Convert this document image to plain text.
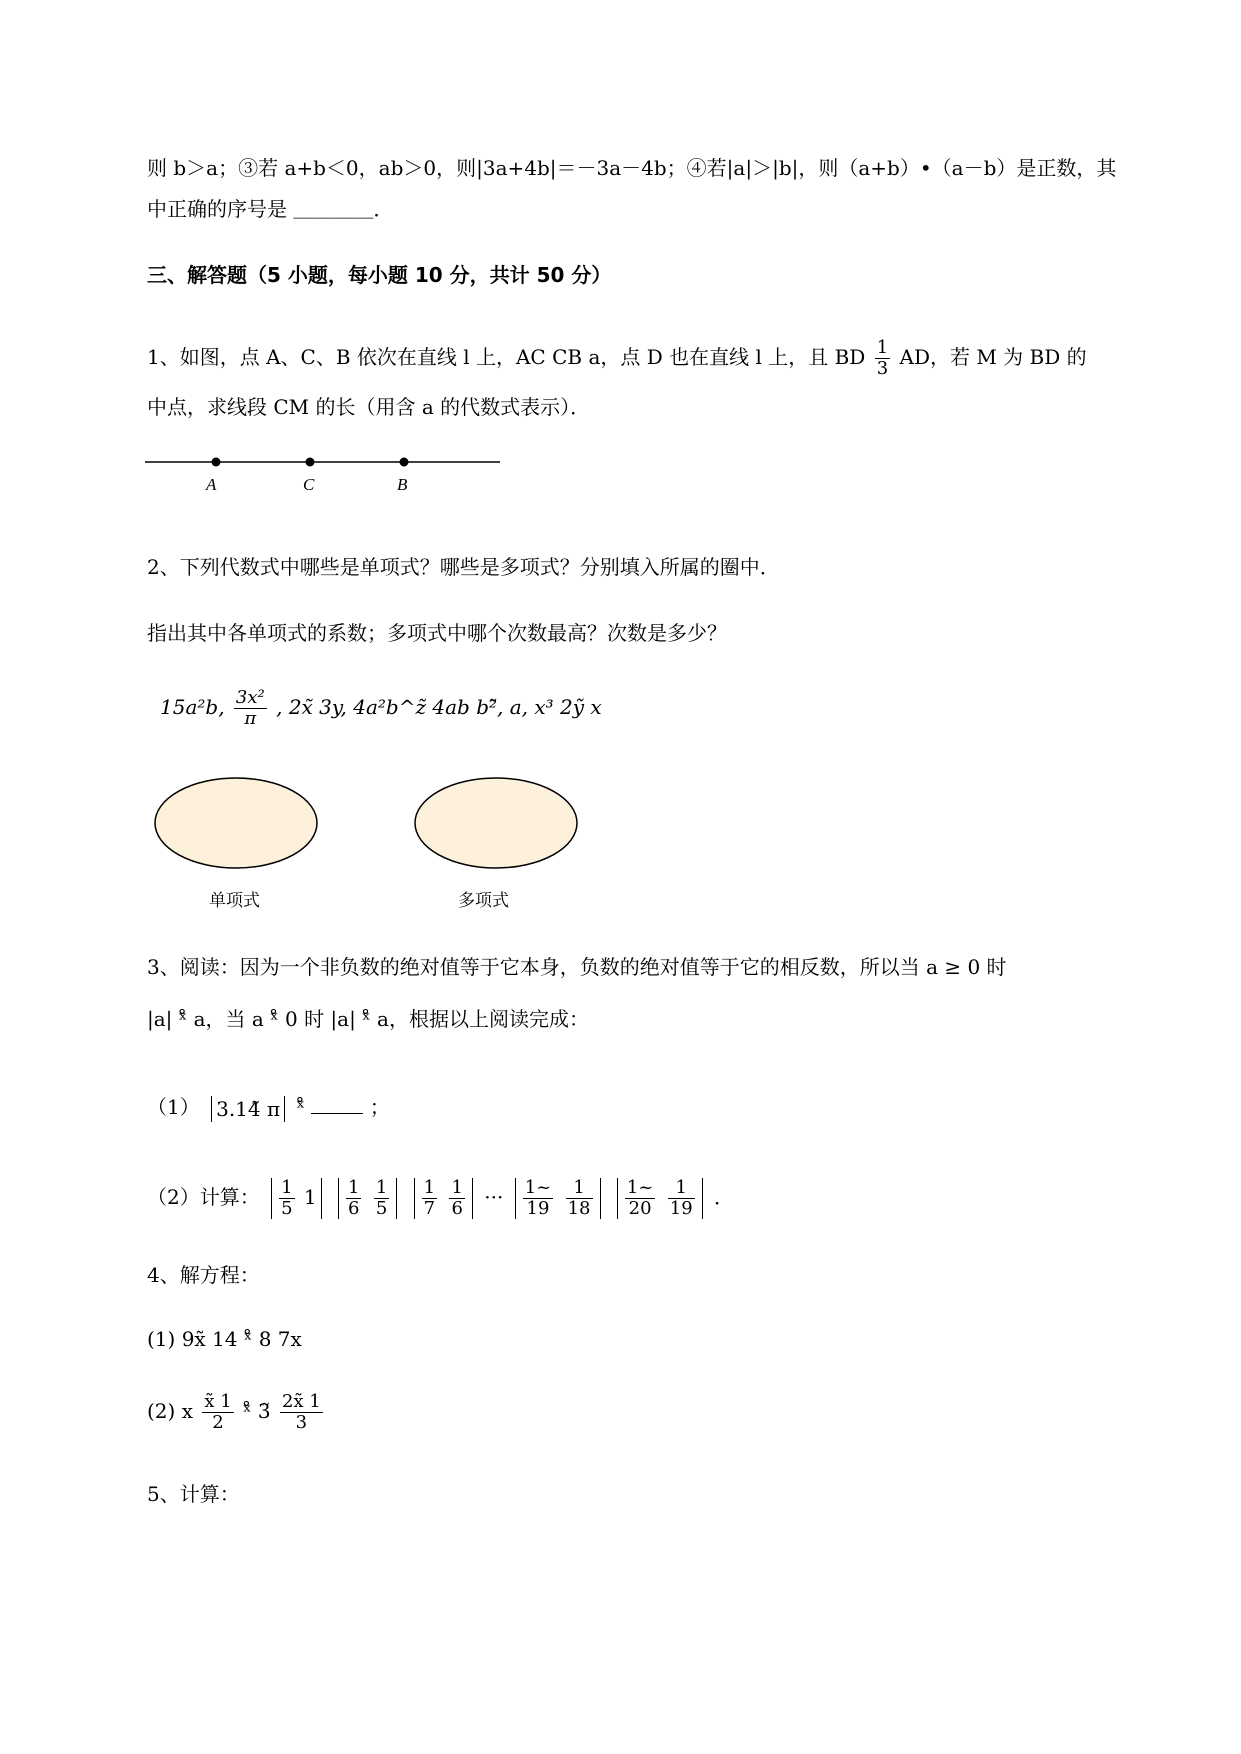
则 b＞a；③若 a+b＜0，ab＞0，则|3a+4b|＝－3a－4b；④若|a|＞|b|，则（a+b）•（a－b）是正数，其
中正确的序号是 ＿＿＿＿．
三、解答题（5 小题，每小题 10 分，共计 50 分）
1、如图，点 A、C、B 依次在直线 l 上，AC CB a，点 D 也在直线 l 上，且 BD $\frac{1}{3}$ AD，若 M 为 BD 的
中点，求线段 CM 的长（用含 a 的代数式表示）．
A	C	B
2、下列代数式中哪些是单项式？哪些是多项式？分别填入所属的圈中．
指出其中各单项式的系数；多项式中哪个次数最高？次数是多少？
15a²b, $\frac{\text{3x²}}{\pi}$ , 2x̃ 3y, 4a²b^z̃ 4ab b²̃, a, x³ 2ỹ x
单项式	多项式
3、阅读：因为一个非负数的绝对值等于它本身，负数的绝对值等于它的相反数，所以当 a ≥ 0 时
|a| ˣ̊ a，当 a ˣ̊ 0 时 |a| ˣ̊ a，根据以上阅读完成：
（1） 3.14̃ π ˣ̊	；
（2）计算： $\frac{1}{5} 1 \frac{1}{6}$
$\frac{1}{5}$
$\frac{1}{7}$
$\frac{1}{6}$ ··· $\frac{1\sim}{19}$
$\frac{1}{18}$
$\frac{1\sim}{20}$
$\frac{1}{19}$ ．
4、解方程：
(1) 9x̃ 14 ˣ̊ 8 7x
(2) x $\frac{x̃ 1}{2}$ ˣ̊ 3̃ $\frac{2x̃ 1}{3}$
5、计算：
